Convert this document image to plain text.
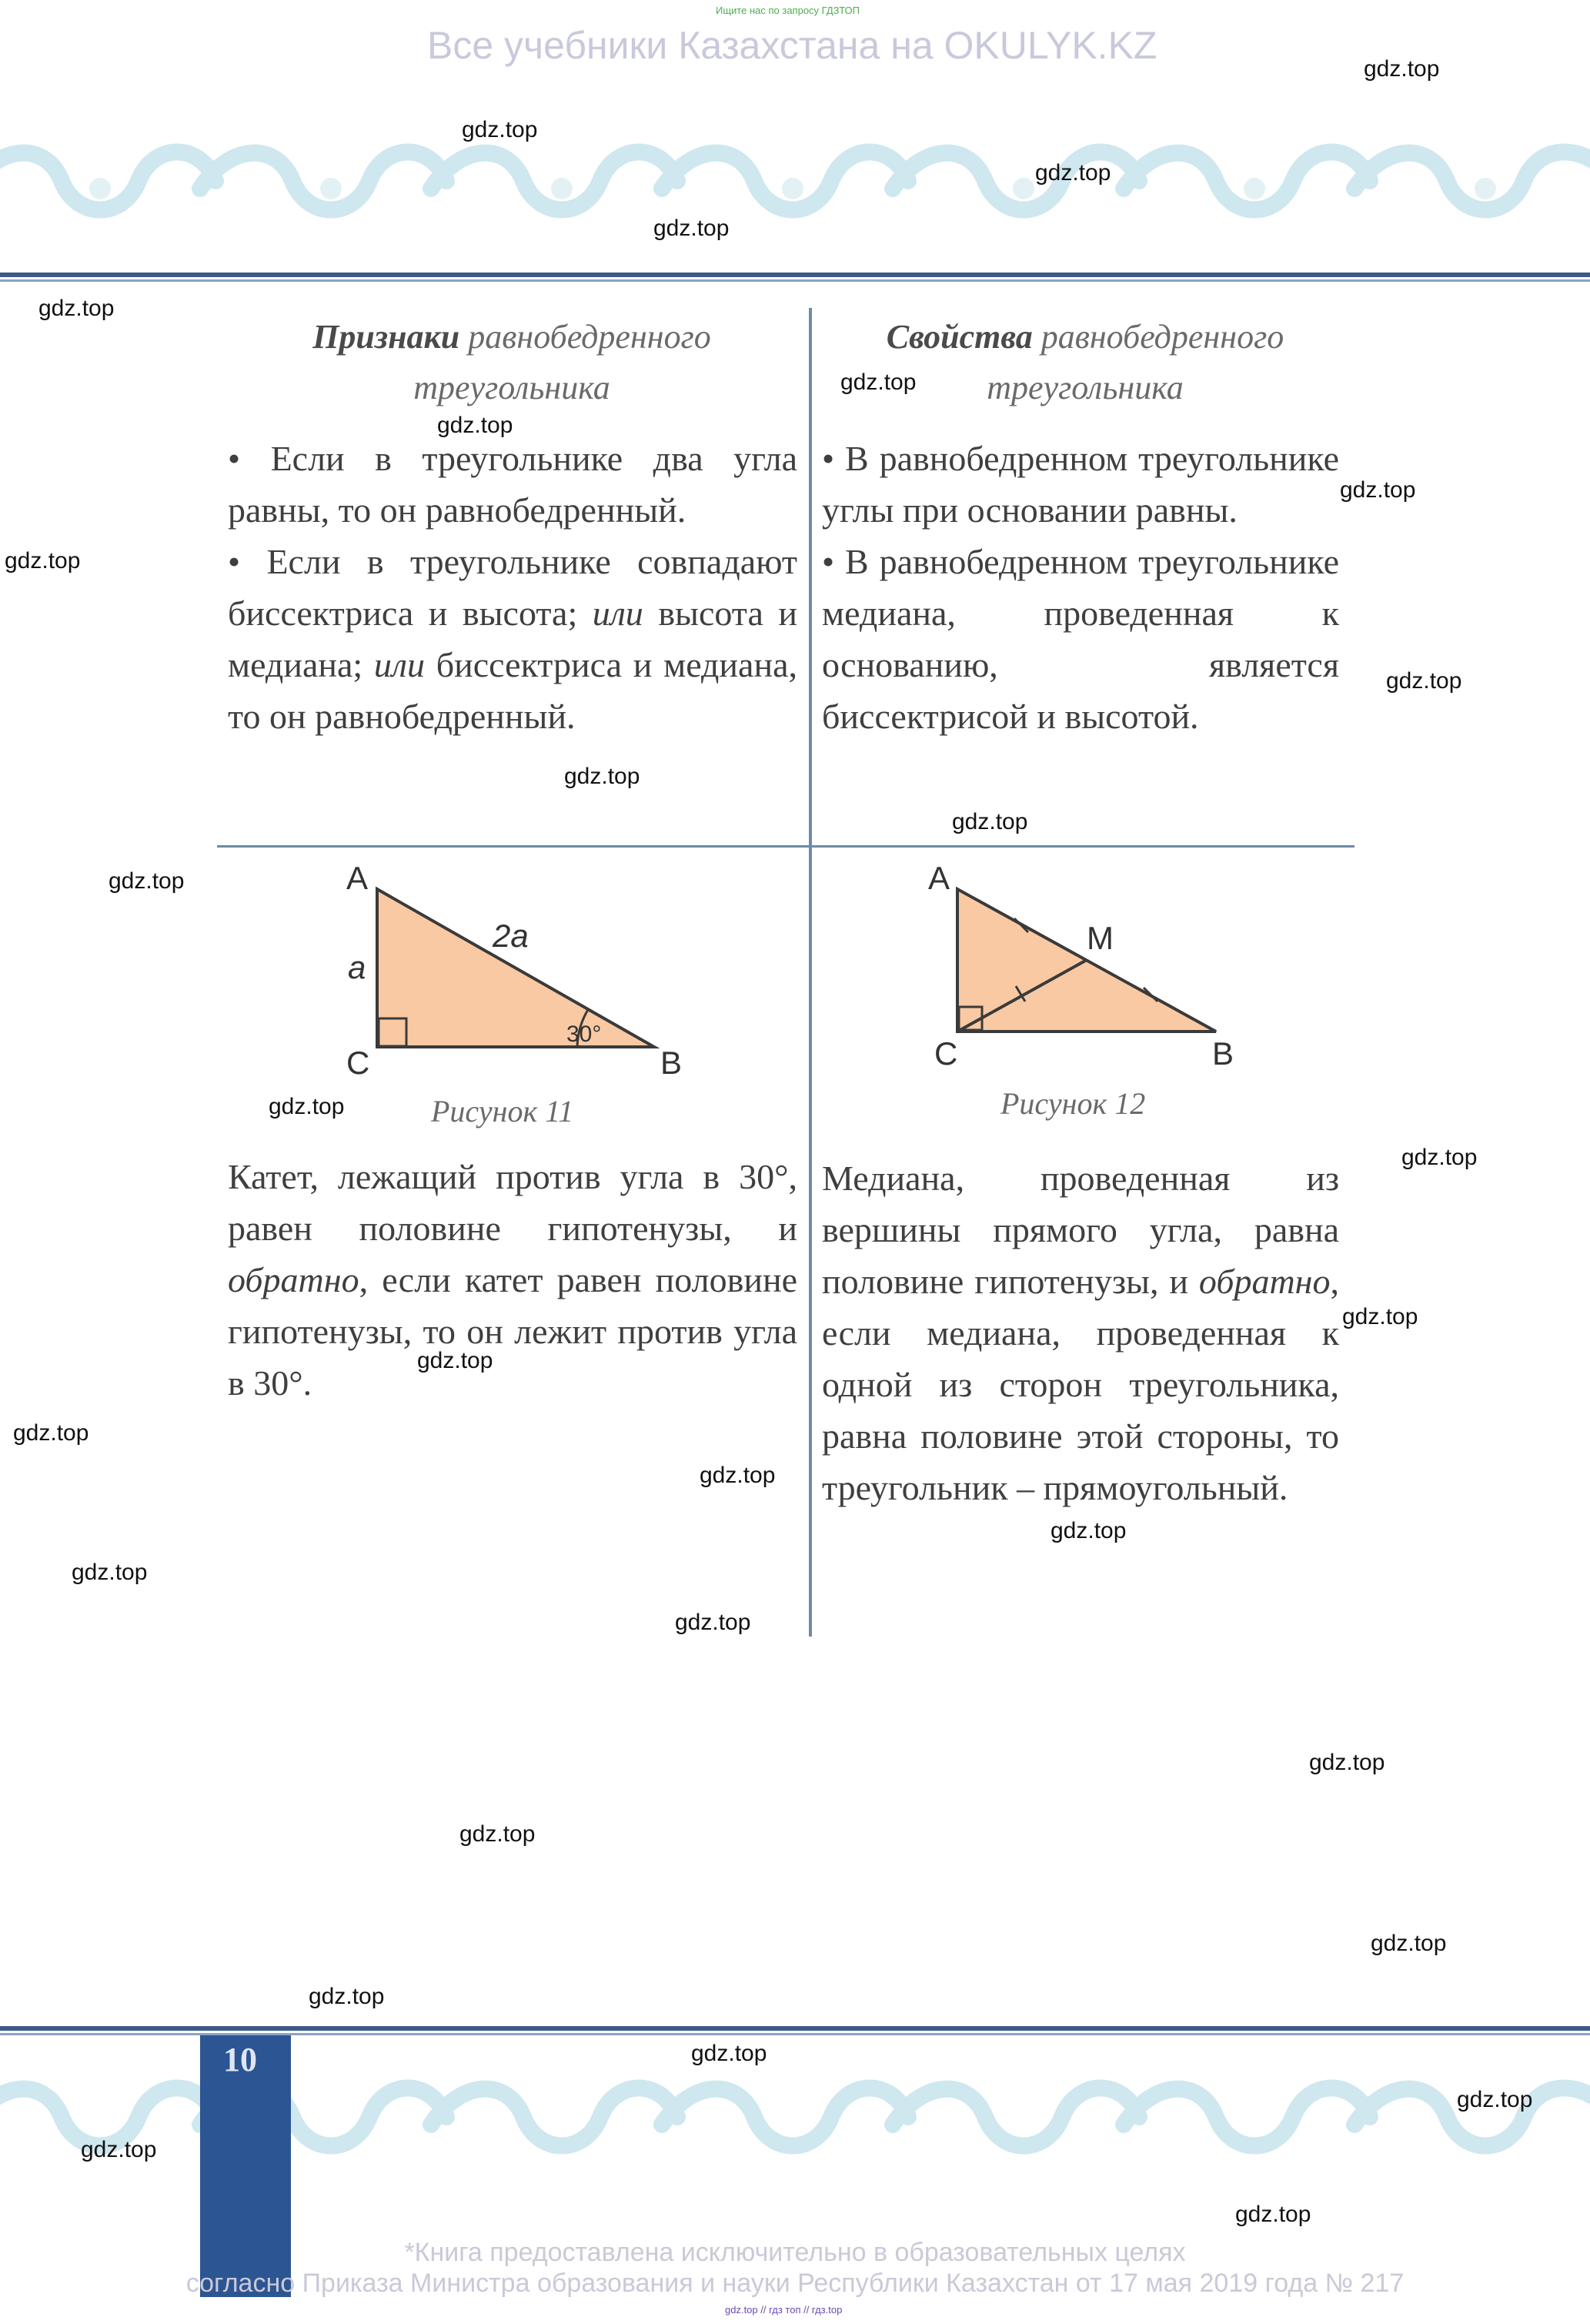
Ищите нас по запросу ГДЗТОП
Все учебники Казахстана на OKULYK.KZ
Признаки равнобедренного треугольника
Свойства равнобедренного треугольника

• Если в треугольнике два угла равны, то он равнобедренный.

• Если в треугольнике совпадают биссектриса и высота; или высота и медиана; или биссектриса и медиана, то он равнобедренный.

• В равнобедренном треугольнике углы при основании равны.

• В равнобедренном треугольнике медиана, проведенная к основанию, является биссектрисой и высотой.

A
C	B
a
2a
30°
Рисунок 11
A
C	B
M
Рисунок 12

Катет, лежащий против угла в 30°, равен половине гипотенузы, и обратно, если катет равен половине гипотенузы, то он лежит против угла в 30°.

Медиана, проведенная из вершины прямого угла, равна половине гипотенузы, и обратно, если медиана, проведенная к одной из сторон треугольника, равна половине этой стороны, то треугольник – прямоугольный.

10
*Книга предоставлена исключительно в образовательных целях
согласно Приказа Министра образования и науки Республики Казахстан от 17 мая 2019 года № 217
gdz.top // гдз топ // гдз.top
gdz.top
gdz.top
gdz.top
gdz.top
gdz.top
gdz.top
gdz.top
gdz.top
gdz.top
gdz.top
gdz.top
gdz.top
gdz.top
gdz.top
gdz.top
gdz.top
gdz.top
gdz.top
gdz.top
gdz.top
gdz.top
gdz.top
gdz.top
gdz.top
gdz.top
gdz.top
gdz.top
gdz.top
gdz.top
gdz.top
